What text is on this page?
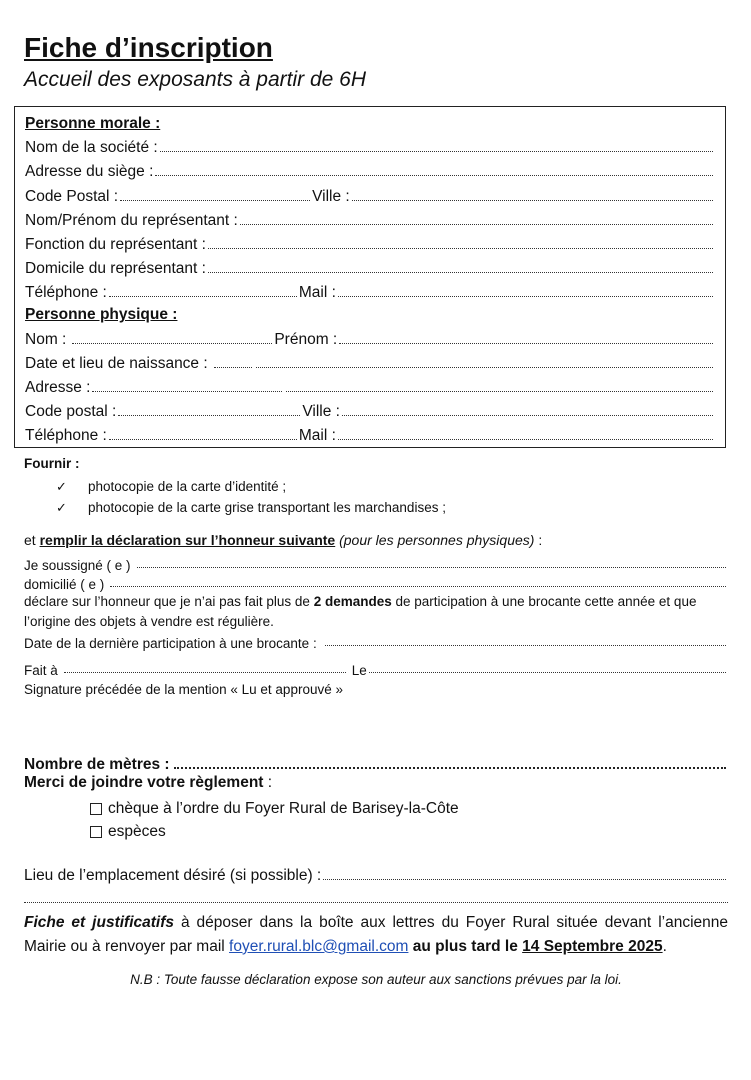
Fiche d’inscription
Accueil des exposants à partir de 6H
Personne morale :
Nom de la société :
Adresse du siège :
Code Postal :	Ville :
Nom/Prénom du représentant :
Fonction du représentant :
Domicile du représentant :
Téléphone :	Mail :
Personne physique :
Nom :	Prénom :
Date et lieu de naissance :
Adresse :
Code postal :	Ville :
Téléphone :	Mail :
Fournir :
✓	photocopie de la carte d’identité ;
✓	photocopie de la carte grise transportant les marchandises ;
et remplir la déclaration sur l’honneur suivante (pour les personnes physiques) :
Je soussigné ( e )
domicilié ( e )
déclare sur l’honneur que je n’ai pas fait plus de 2 demandes de participation à une brocante cette année et que l’origine des objets à vendre est régulière.
Date de la dernière participation à une brocante :
Fait à	Le
Signature précédée de la mention « Lu et approuvé »
Nombre de mètres :
Merci de joindre votre règlement :
chèque à l’ordre du Foyer Rural de Barisey-la-Côte
espèces
Lieu de l’emplacement désiré (si possible) :
Fiche et justificatifs à déposer dans la boîte aux lettres du Foyer Rural située devant l’ancienne Mairie ou à renvoyer par mail foyer.rural.blc@gmail.com au plus tard le 14 Septembre 2025.
N.B : Toute fausse déclaration expose son auteur aux sanctions prévues par la loi.
